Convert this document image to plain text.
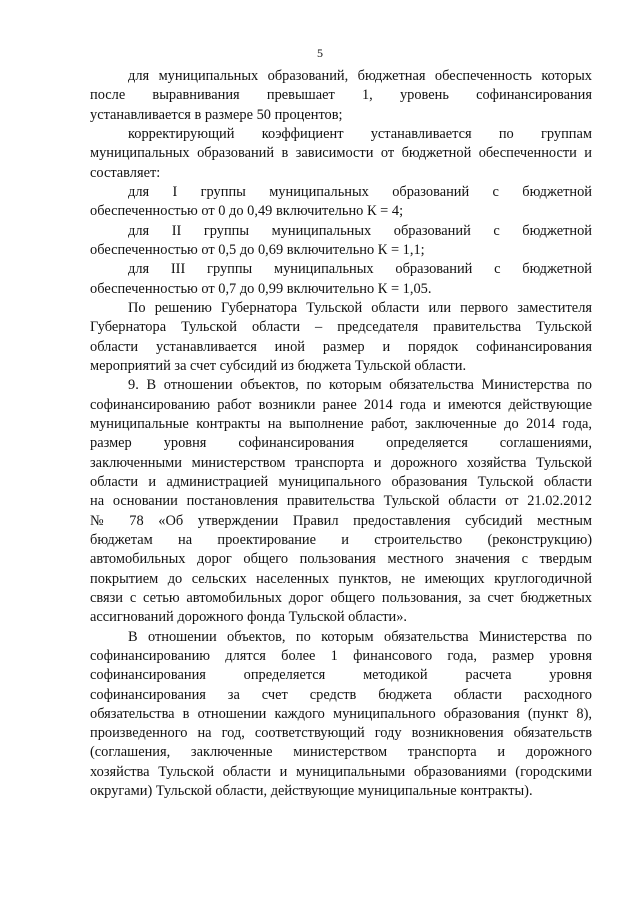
5
для муниципальных образований, бюджетная обеспеченность которых
после выравнивания превышает 1, уровень софинансирования
устанавливается в размере 50 процентов;
корректирующий коэффициент устанавливается по группам
муниципальных образований в зависимости от бюджетной обеспеченности и
составляет:
для I группы муниципальных образований с бюджетной
обеспеченностью от 0 до 0,49 включительно К = 4;
для II группы муниципальных образований с бюджетной
обеспеченностью от 0,5 до 0,69 включительно К = 1,1;
для III группы муниципальных образований с бюджетной
обеспеченностью от 0,7 до 0,99 включительно К = 1,05.
По решению Губернатора Тульской области или первого заместителя
Губернатора Тульской области – председателя правительства Тульской
области устанавливается иной размер и порядок софинансирования
мероприятий за счет субсидий из бюджета Тульской области.
9. В отношении объектов, по которым обязательства Министерства по
софинансированию работ возникли ранее 2014 года и имеются действующие
муниципальные контракты на выполнение работ, заключенные до 2014 года,
размер уровня софинансирования определяется соглашениями,
заключенными министерством транспорта и дорожного хозяйства Тульской
области и администрацией муниципального образования Тульской области
на основании постановления правительства Тульской области от 21.02.2012
№ 78 «Об утверждении Правил предоставления субсидий местным
бюджетам на проектирование и строительство (реконструкцию)
автомобильных дорог общего пользования местного значения с твердым
покрытием до сельских населенных пунктов, не имеющих круглогодичной
связи с сетью автомобильных дорог общего пользования, за счет бюджетных
ассигнований дорожного фонда Тульской области».
В отношении объектов, по которым обязательства Министерства по
софинансированию длятся более 1 финансового года, размер уровня
софинансирования определяется методикой расчета уровня
софинансирования за счет средств бюджета области расходного
обязательства в отношении каждого муниципального образования (пункт 8),
произведенного на год, соответствующий году возникновения обязательств
(соглашения, заключенные министерством транспорта и дорожного
хозяйства Тульской области и муниципальными образованиями (городскими
округами) Тульской области, действующие муниципальные контракты).
